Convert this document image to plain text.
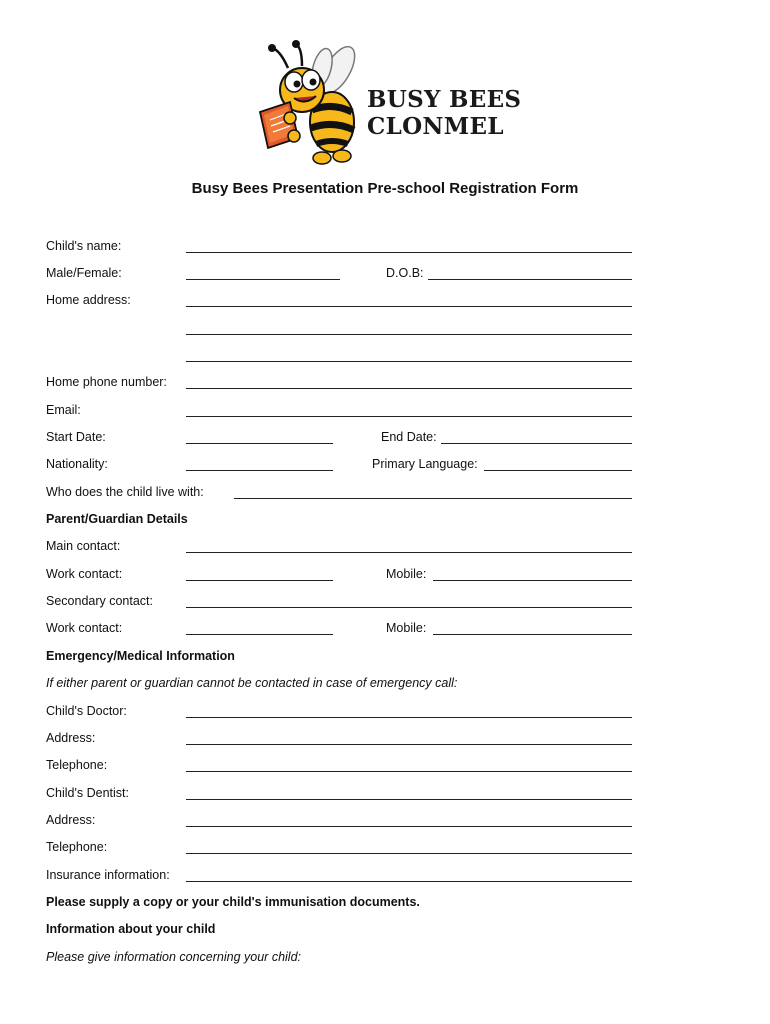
BUSY BEES
CLONMEL
Busy Bees Presentation Pre-school Registration Form
Child's name:
Male/Female:	D.O.B:
Home address:
Home phone number:
Email:
Start Date:	End Date:
Nationality:	Primary Language:
Who does the child live with:
Parent/Guardian Details
Main contact:
Work contact:	Mobile:
Secondary contact:
Work contact:	Mobile:
Emergency/Medical Information
If either parent or guardian cannot be contacted in case of emergency call:
Child's Doctor:
Address:
Telephone:
Child's Dentist:
Address:
Telephone:
Insurance information:
Please supply a copy or your child's immunisation documents.
Information about your child
Please give information concerning your child:
